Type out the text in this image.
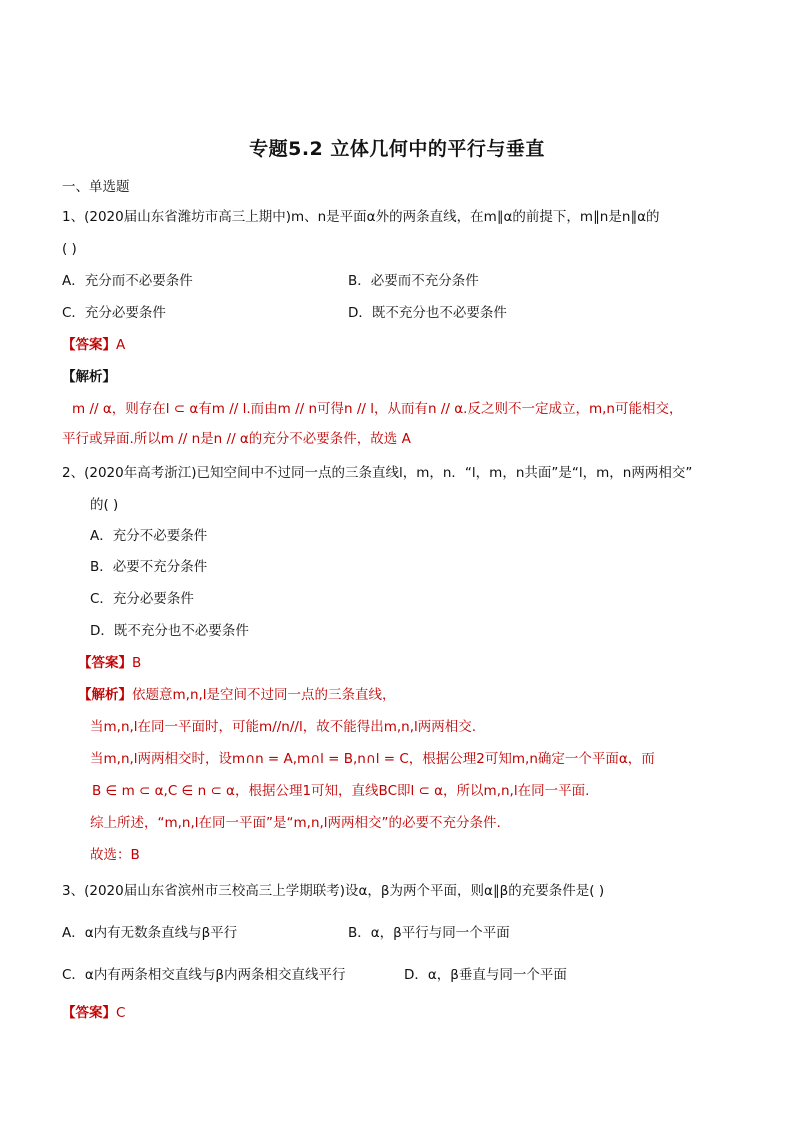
专题5.2 立体几何中的平行与垂直
一、单选题
1、(2020届山东省潍坊市高三上期中)m、n是平面α外的两条直线，在m∥α的前提下，m∥n是n∥α的
( )
A．充分而不必要条件	B．必要而不充分条件
C．充分必要条件	D．既不充分也不必要条件
【答案】A
【解析】
m // α，则存在l ⊂ α有m // l.而由m // n可得n // l，从而有n // α.反之则不一定成立，m,n可能相交，
平行或异面.所以m // n是n // α的充分不必要条件，故选 A
2、(2020年高考浙江)已知空间中不过同一点的三条直线l，m，n．“l，m，n共面”是“l，m，n两两相交”
的( )
A．充分不必要条件
B．必要不充分条件
C．充分必要条件
D．既不充分也不必要条件
【答案】B
【解析】依题意m,n,l是空间不过同一点的三条直线，
当m,n,l在同一平面时，可能m//n//l，故不能得出m,n,l两两相交.
当m,n,l两两相交时，设m∩n = A,m∩l = B,n∩l = C，根据公理2可知m,n确定一个平面α，而
B ∈ m ⊂ α,C ∈ n ⊂ α，根据公理1可知，直线BC即l ⊂ α，所以m,n,l在同一平面.
综上所述，“m,n,l在同一平面”是“m,n,l两两相交”的必要不充分条件.
故选：B
3、(2020届山东省滨州市三校高三上学期联考)设α，β为两个平面，则α∥β的充要条件是( )
A．α内有无数条直线与β平行	B．α，β平行与同一个平面
C．α内有两条相交直线与β内两条相交直线平行	D．α，β垂直与同一个平面
【答案】C
